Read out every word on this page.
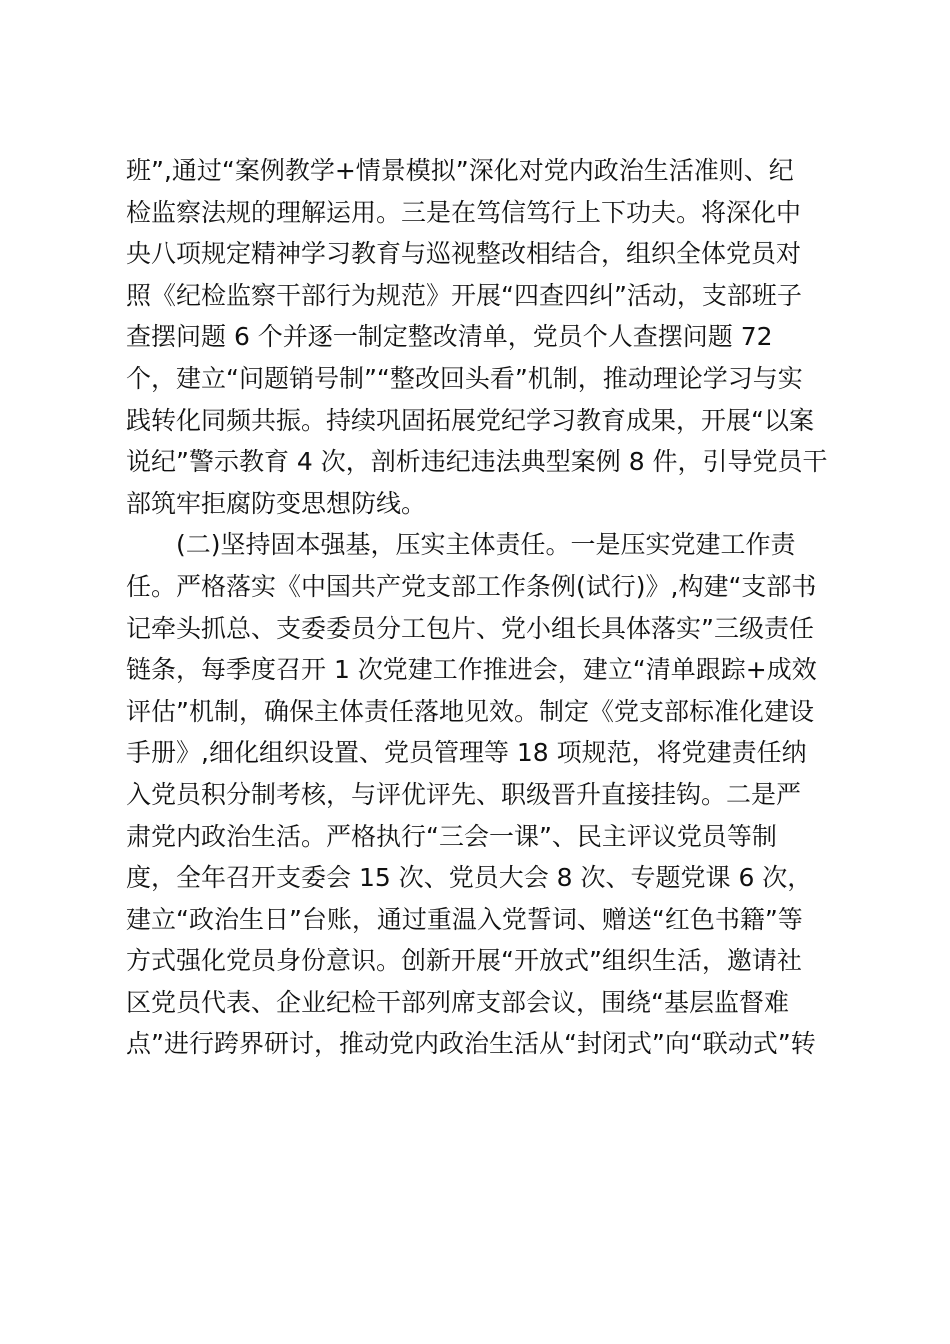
班”,通过“案例教学+情景模拟”深化对党内政治生活准则、纪
检监察法规的理解运用。三是在笃信笃行上下功夫。将深化中
央八项规定精神学习教育与巡视整改相结合，组织全体党员对
照《纪检监察干部行为规范》开展“四查四纠”活动，支部班子
查摆问题 6 个并逐一制定整改清单，党员个人查摆问题 72
个，建立“问题销号制”“整改回头看”机制，推动理论学习与实
践转化同频共振。持续巩固拓展党纪学习教育成果，开展“以案
说纪”警示教育 4 次，剖析违纪违法典型案例 8 件，引导党员干
部筑牢拒腐防变思想防线。
　　(二)坚持固本强基，压实主体责任。一是压实党建工作责
任。严格落实《中国共产党支部工作条例(试行)》,构建“支部书
记牵头抓总、支委委员分工包片、党小组长具体落实”三级责任
链条，每季度召开 1 次党建工作推进会，建立“清单跟踪+成效
评估”机制，确保主体责任落地见效。制定《党支部标准化建设
手册》,细化组织设置、党员管理等 18 项规范，将党建责任纳
入党员积分制考核，与评优评先、职级晋升直接挂钩。二是严
肃党内政治生活。严格执行“三会一课”、民主评议党员等制
度，全年召开支委会 15 次、党员大会 8 次、专题党课 6 次，
建立“政治生日”台账，通过重温入党誓词、赠送“红色书籍”等
方式强化党员身份意识。创新开展“开放式”组织生活，邀请社
区党员代表、企业纪检干部列席支部会议，围绕“基层监督难
点”进行跨界研讨，推动党内政治生活从“封闭式”向“联动式”转
